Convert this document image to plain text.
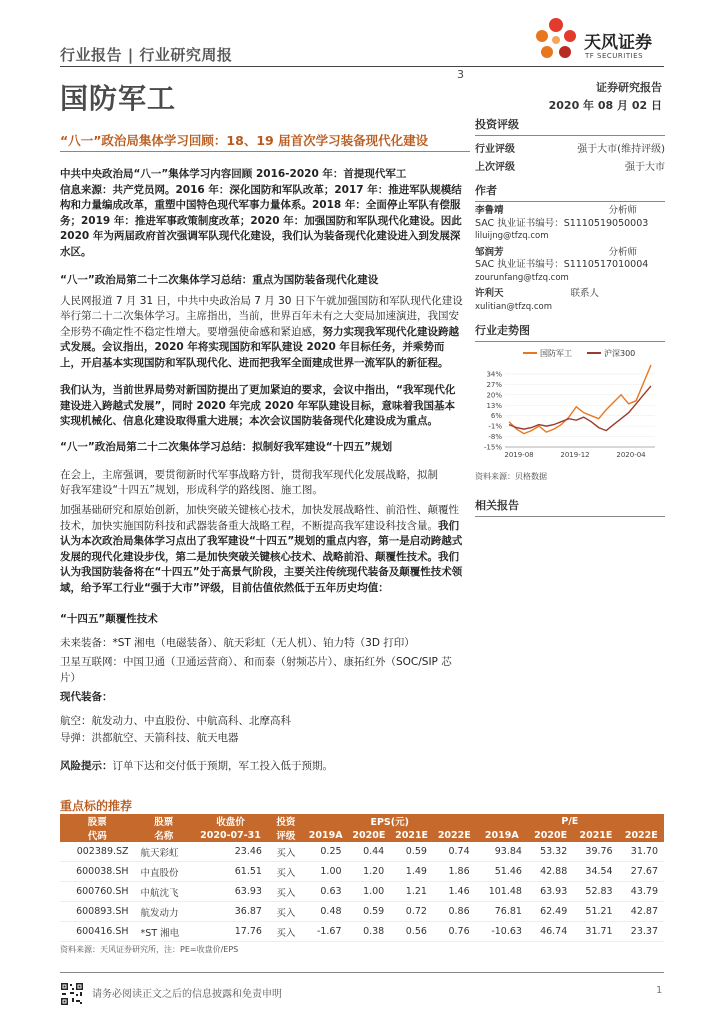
行业报告 | 行业研究周报
国防军工
3
天风证券
TF SECURITIES
证券研究报告
2020 年 08 月 02 日
“八一”政治局集体学习回顾：18、19 届首次学习装备现代化建设

中共中央政治局“八一”集体学习内容回顾 2016-2020 年：首提现代军工

信息来源：共产党员网。2016 年：深化国防和军队改革；2017 年：推进军队规模结构和力量编成改革，重塑中国特色现代军事力量体系。2018 年：全面停止军队有偿服务；2019 年：推进军事政策制度改革；2020 年：加强国防和军队现代化建设。因此 2020 年为两届政府首次强调军队现代化建设，我们认为装备现代化建设进入到发展深水区。

“八一”政治局第二十二次集体学习总结：重点为国防装备现代化建设

人民网报道 7 月 31 日，中共中央政治局 7 月 30 日下午就加强国防和军队现代化建设举行第二十二次集体学习。主席指出，当前，世界百年未有之大变局加速演进，我国安全形势不确定性不稳定性增大。要增强使命感和紧迫感，努力实现我军现代化建设跨越式发展。会议指出，2020 年将实现国防和军队建设 2020 年目标任务，并乘势而上，开启基本实现国防和军队现代化、进而把我军全面建成世界一流军队的新征程。

我们认为，当前世界局势对新国防提出了更加紧迫的要求，会议中指出，“我军现代化建设进入跨越式发展”，同时 2020 年完成 2020 年军队建设目标，意味着我国基本实现机械化、信息化建设取得重大进展；本次会议国防装备现代化建设成为重点。

“八一”政治局第二十二次集体学习总结：拟制好我军建设“十四五”规划

在会上，主席强调，要贯彻新时代军事战略方针，贯彻我军现代化发展战略，拟制
好我军建设“十四五”规划，形成科学的路线图、施工图。

加强基础研究和原始创新，加快突破关键核心技术，加快发展战略性、前沿性、颠覆性技术，加快实施国防科技和武器装备重大战略工程，不断提高我军建设科技含量。我们认为本次政治局集体学习点出了我军建设“十四五”规划的重点内容，第一是启动跨越式发展的现代化建设步伐，第二是加快突破关键核心技术、战略前沿、颠覆性技术。我们认为我国防装备将在“十四五”处于高景气阶段，主要关注传统现代装备及颠覆性技术领域，给予军工行业“强于大市”评级，目前估值依然低于五年历史均值：

“十四五”颠覆性技术

未来装备：*ST 湘电（电磁装备）、航天彩虹（无人机）、铂力特（3D 打印）

卫星互联网：中国卫通（卫通运营商）、和而泰（射频芯片）、康拓红外（SOC/SIP 芯片）

现代装备：

航空：航发动力、中直股份、中航高科、北摩高科

导弹：洪都航空、天箭科技、航天电器

风险提示：订单下达和交付低于预期，军工投入低于预期。

投资评级
行业评级	强于大市(维持评级)
上次评级	强于大市
作者
李鲁靖	分析师
SAC 执业证书编号：S1110519050003
liluijng@tfzq.com
邹润芳	分析师
SAC 执业证书编号：S1110517010004
zourunfang@tfzq.com
许利天	联系人
xulitian@tfzq.com
行业走势图
国防军工	沪深300
34%
27%
20%
13%
6%
-1%
-8%
-15%
2019-08	2019-12	2020-04
资料来源：贝格数据
相关报告
重点标的推荐
股票	股票	收盘价	投资	EPS(元)				P/E			
代码	名称	2020-07-31	评级	2019A	2020E	2021E	2022E	2019A	2020E	2021E	2022E
002389.SZ	航天彩虹	23.46	买入	0.25	0.44	0.59	0.74	93.84	53.32	39.76	31.70
600038.SH	中直股份	61.51	买入	1.00	1.20	1.49	1.86	51.46	42.88	34.54	27.67
600760.SH	中航沈飞	63.93	买入	0.63	1.00	1.21	1.46	101.48	63.93	52.83	43.79
600893.SH	航发动力	36.87	买入	0.48	0.59	0.72	0.86	76.81	62.49	51.21	42.87
600416.SH	*ST 湘电	17.76	买入	-1.67	0.38	0.56	0.76	-10.63	46.74	31.71	23.37
资料来源：天风证券研究所，注：PE=收盘价/EPS
请务必阅读正文之后的信息披露和免责申明	1
